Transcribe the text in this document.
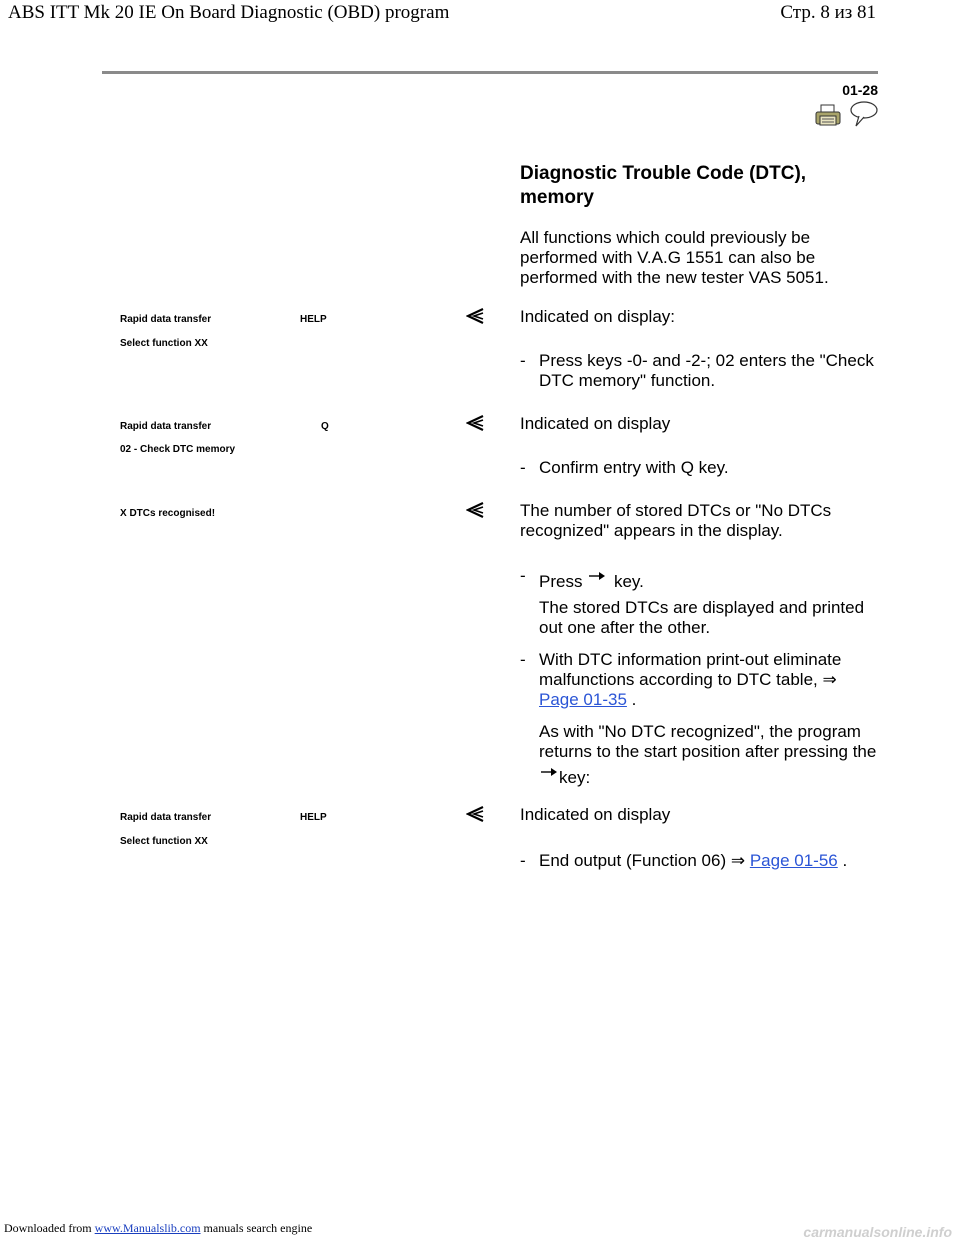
ABS ITT Mk 20 IE On Board Diagnostic (OBD) program	Стр. 8 из 81
01-28
Diagnostic Trouble Code (DTC),
memory
All functions which could previously be performed with V.A.G 1551 can also be performed with the new tester VAS 5051.
Rapid data transfer	HELP
Select function XX
Indicated on display:
- Press keys -0- and -2-; 02 enters the "Check DTC memory" function.
Rapid data transfer	Q
02 - Check DTC memory
Indicated on display
- Confirm entry with Q key.
X DTCs recognised!	The number of stored DTCs or "No DTCs recognized" appears in the display.
- Press key.
The stored DTCs are displayed and printed out one after the other.
- With DTC information print-out eliminate malfunctions according to DTC table, ⇒ Page 01-35 .
As with "No DTC recognized", the program returns to the start position after pressing the key:
Rapid data transfer	HELP
Select function XX
Indicated on display
- End output (Function 06) ⇒ Page 01-56 .
Downloaded from www.Manualslib.com manuals search engine	carmanualsonline.info
